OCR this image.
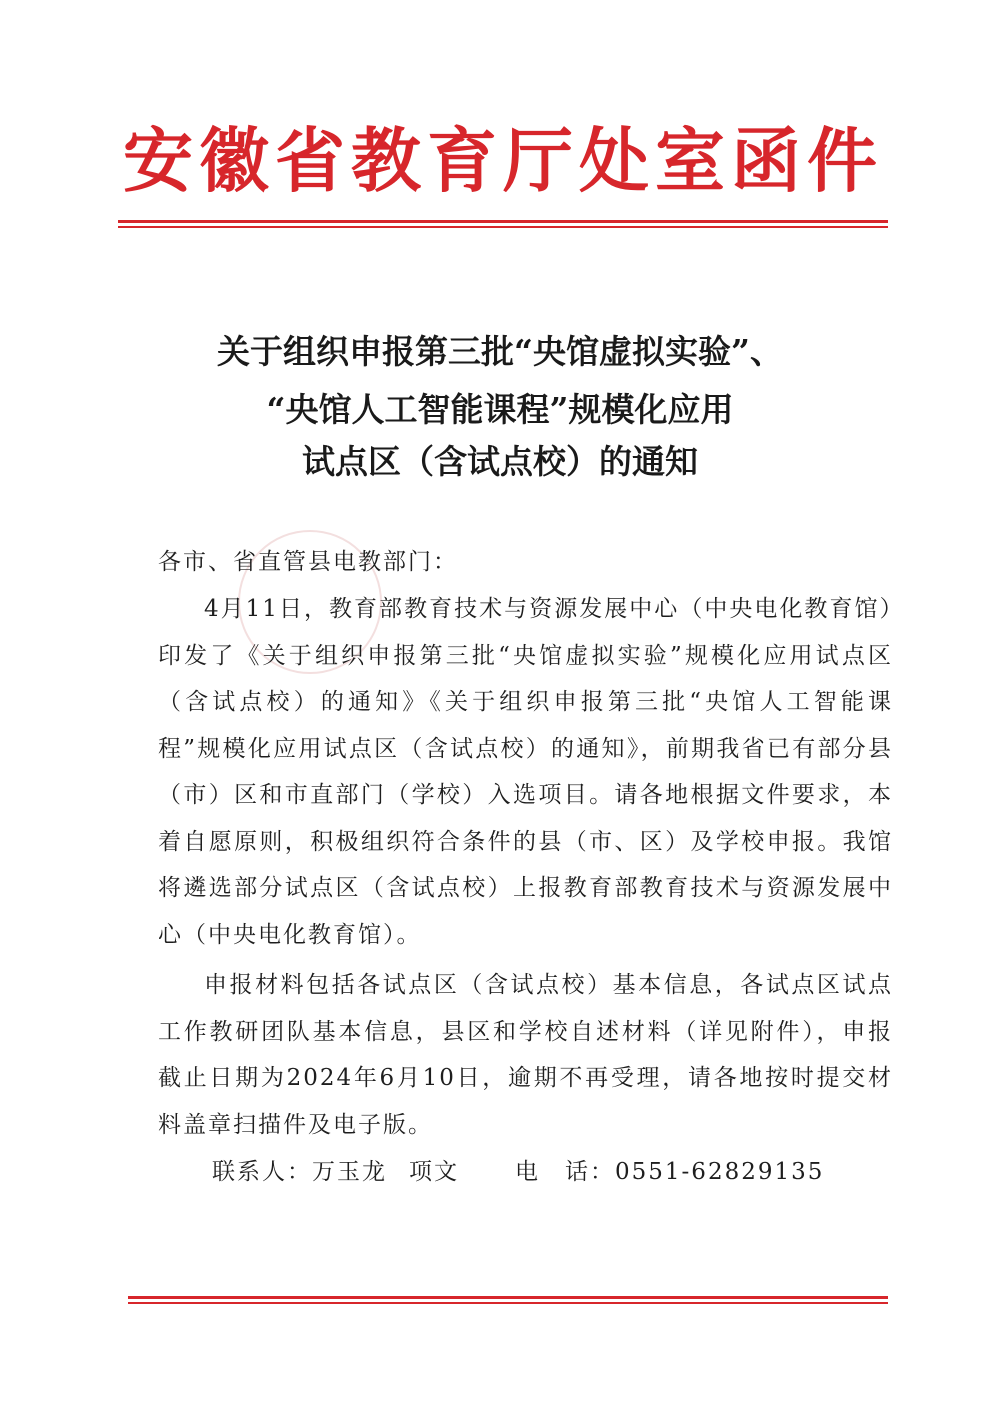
安徽省教育厅处室函件
关于组织申报第三批“央馆虚拟实验”、
“央馆人工智能课程”规模化应用
试点区（含试点校）的通知
各市、省直管县电教部门：

4月11日，教育部教育技术与资源发展中心（中央电化教育馆）印发了《关于组织申报第三批“央馆虚拟实验”规模化应用试点区（含试点校）的通知》《关于组织申报第三批“央馆人工智能课程”规模化应用试点区（含试点校）的通知》，前期我省已有部分县（市）区和市直部门（学校）入选项目。请各地根据文件要求，本着自愿原则，积极组织符合条件的县（市、区）及学校申报。我馆将遴选部分试点区（含试点校）上报教育部教育技术与资源发展中心（中央电化教育馆）。

申报材料包括各试点区（含试点校）基本信息，各试点区试点工作教研团队基本信息，县区和学校自述材料（详见附件），申报截止日期为2024年6月10日，逾期不再受理，请各地按时提交材料盖章扫描件及电子版。

联系人：万玉龙 项文 电　话：0551-62829135
